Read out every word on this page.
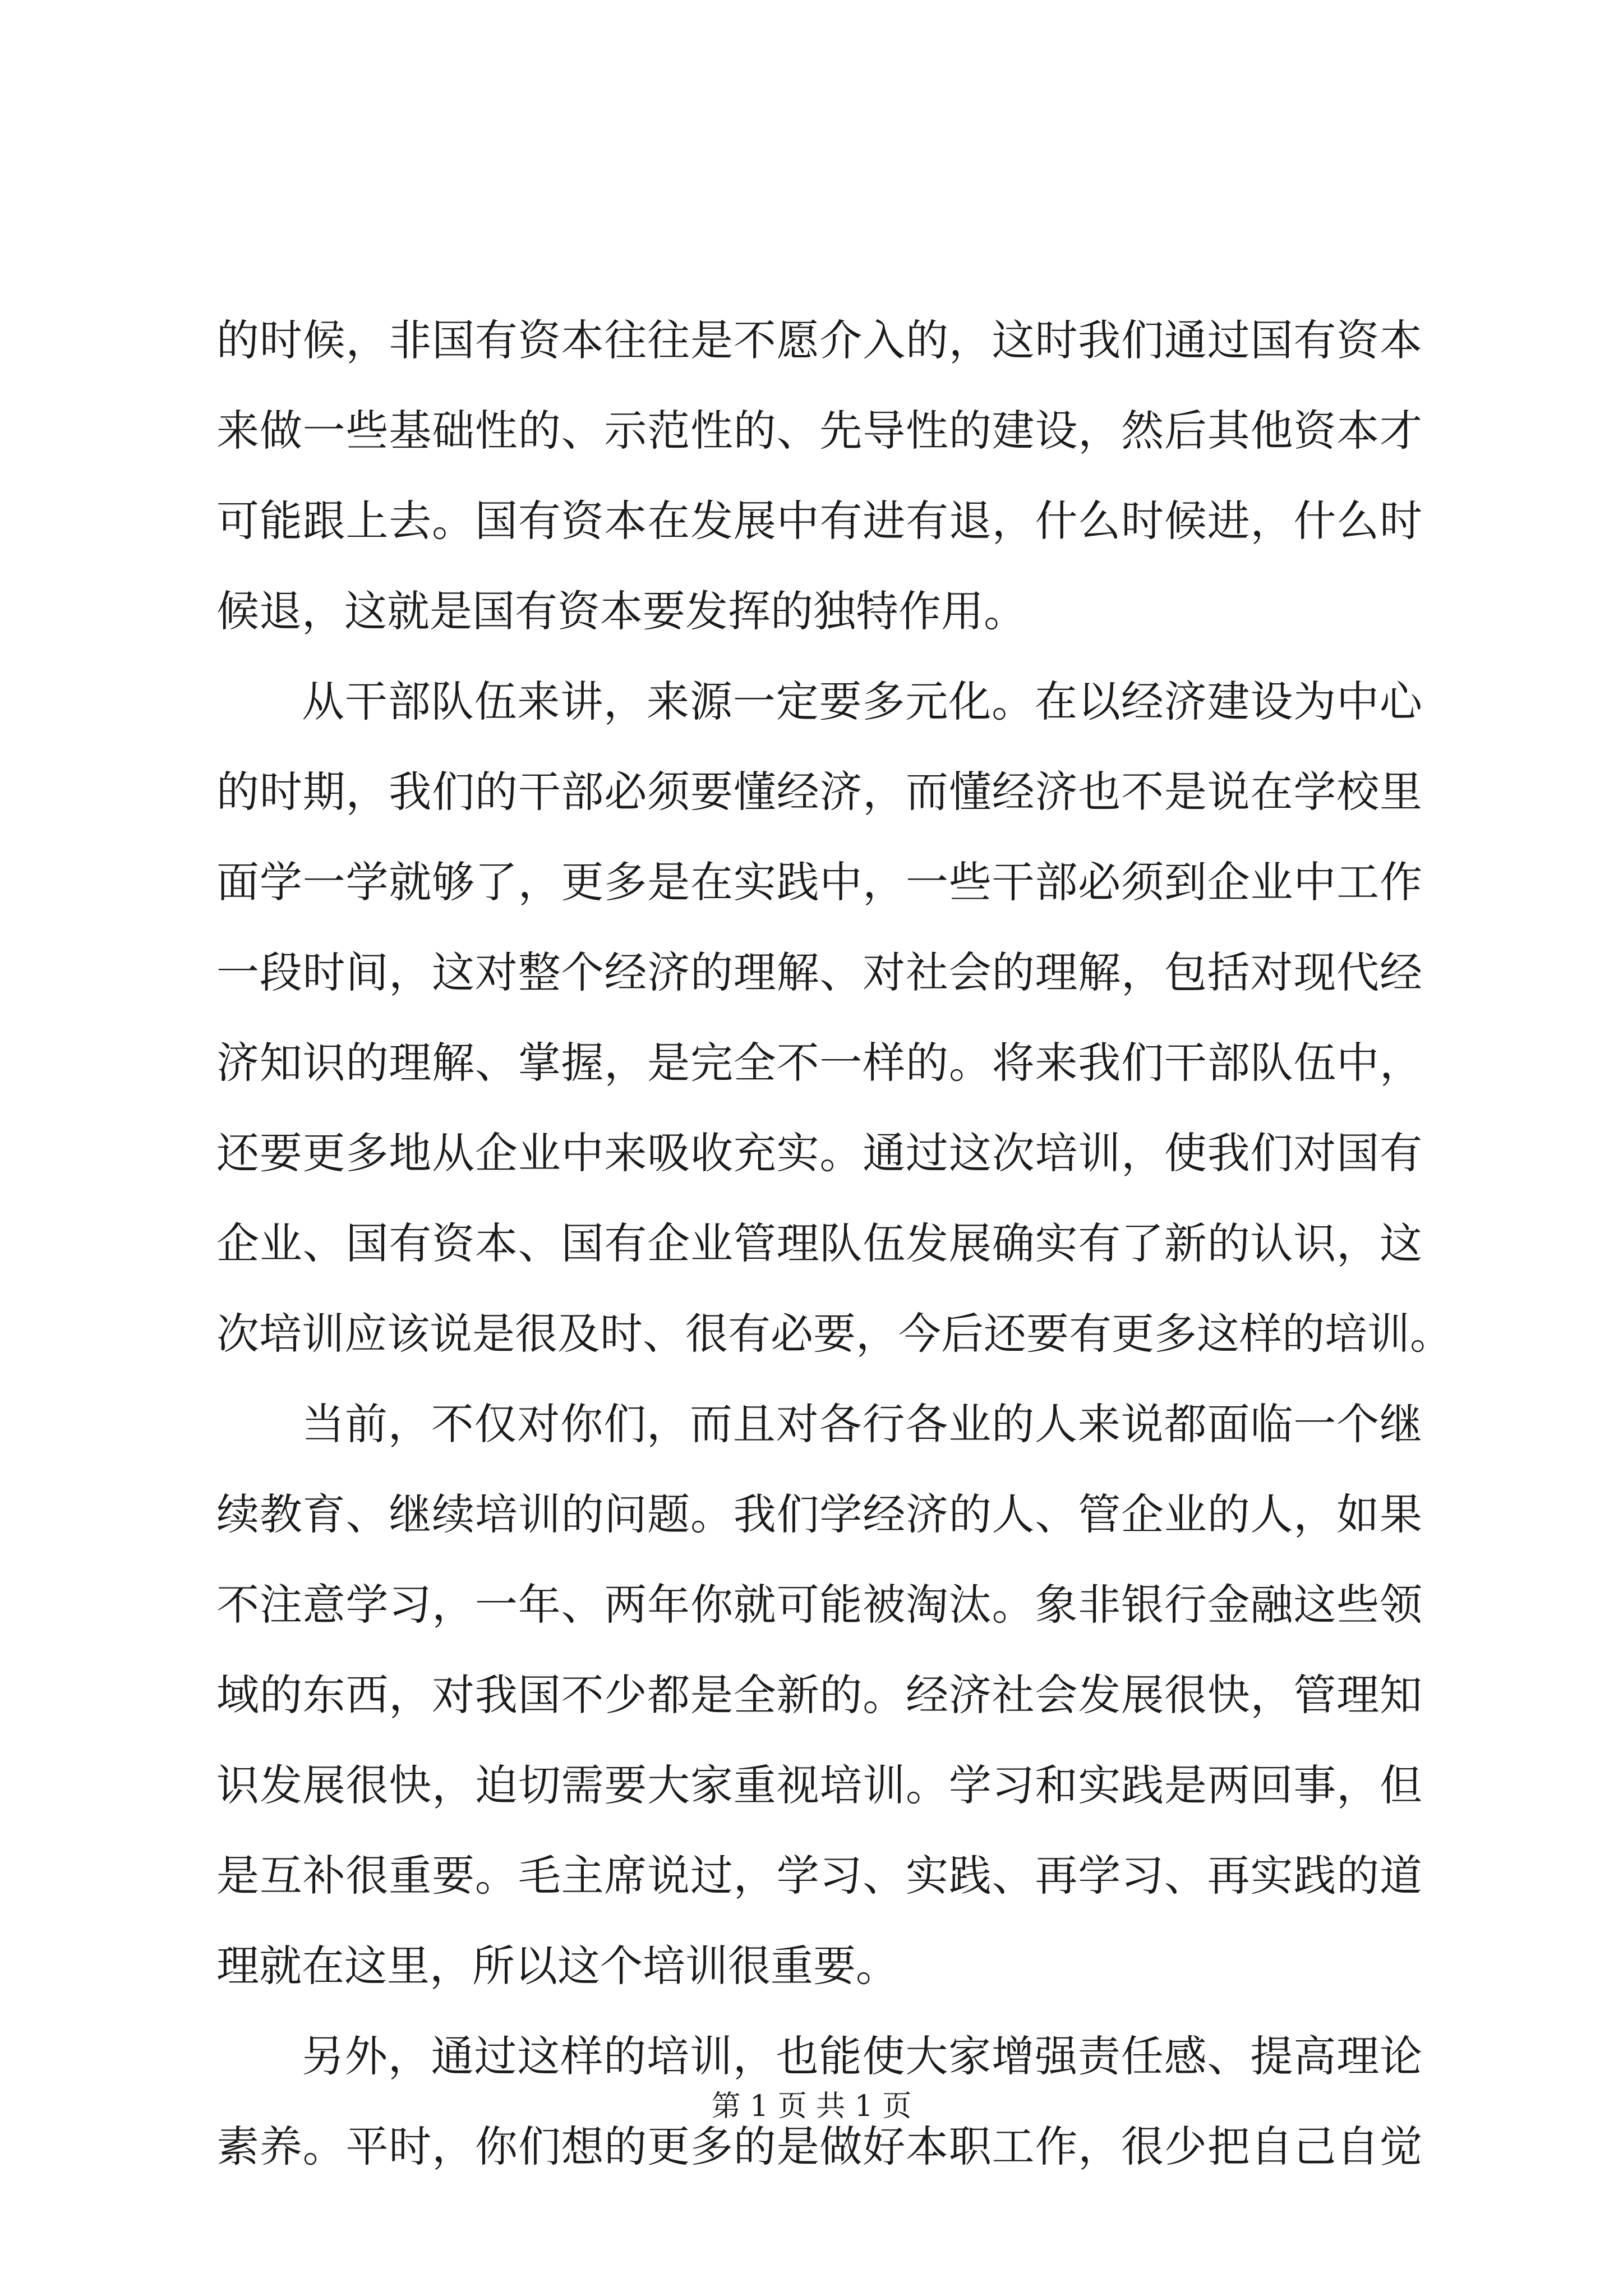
的时候，非国有资本往往是不愿介入的，这时我们通过国有资本
来做一些基础性的、示范性的、先导性的建设，然后其他资本才
可能跟上去。国有资本在发展中有进有退，什么时候进，什么时
候退，这就是国有资本要发挥的独特作用。
从干部队伍来讲，来源一定要多元化。在以经济建设为中心
的时期，我们的干部必须要懂经济，而懂经济也不是说在学校里
面学一学就够了，更多是在实践中，一些干部必须到企业中工作
一段时间，这对整个经济的理解、对社会的理解，包括对现代经
济知识的理解、掌握，是完全不一样的。将来我们干部队伍中，
还要更多地从企业中来吸收充实。通过这次培训，使我们对国有
企业、国有资本、国有企业管理队伍发展确实有了新的认识，这
次培训应该说是很及时、很有必要，今后还要有更多这样的培训。
当前，不仅对你们，而且对各行各业的人来说都面临一个继
续教育、继续培训的问题。我们学经济的人、管企业的人，如果
不注意学习，一年、两年你就可能被淘汰。象非银行金融这些领
域的东西，对我国不少都是全新的。经济社会发展很快，管理知
识发展很快，迫切需要大家重视培训。学习和实践是两回事，但
是互补很重要。毛主席说过，学习、实践、再学习、再实践的道
理就在这里，所以这个培训很重要。
另外，通过这样的培训，也能使大家增强责任感、提高理论
素养。平时，你们想的更多的是做好本职工作，很少把自己自觉
第 1 页 共 1 页
